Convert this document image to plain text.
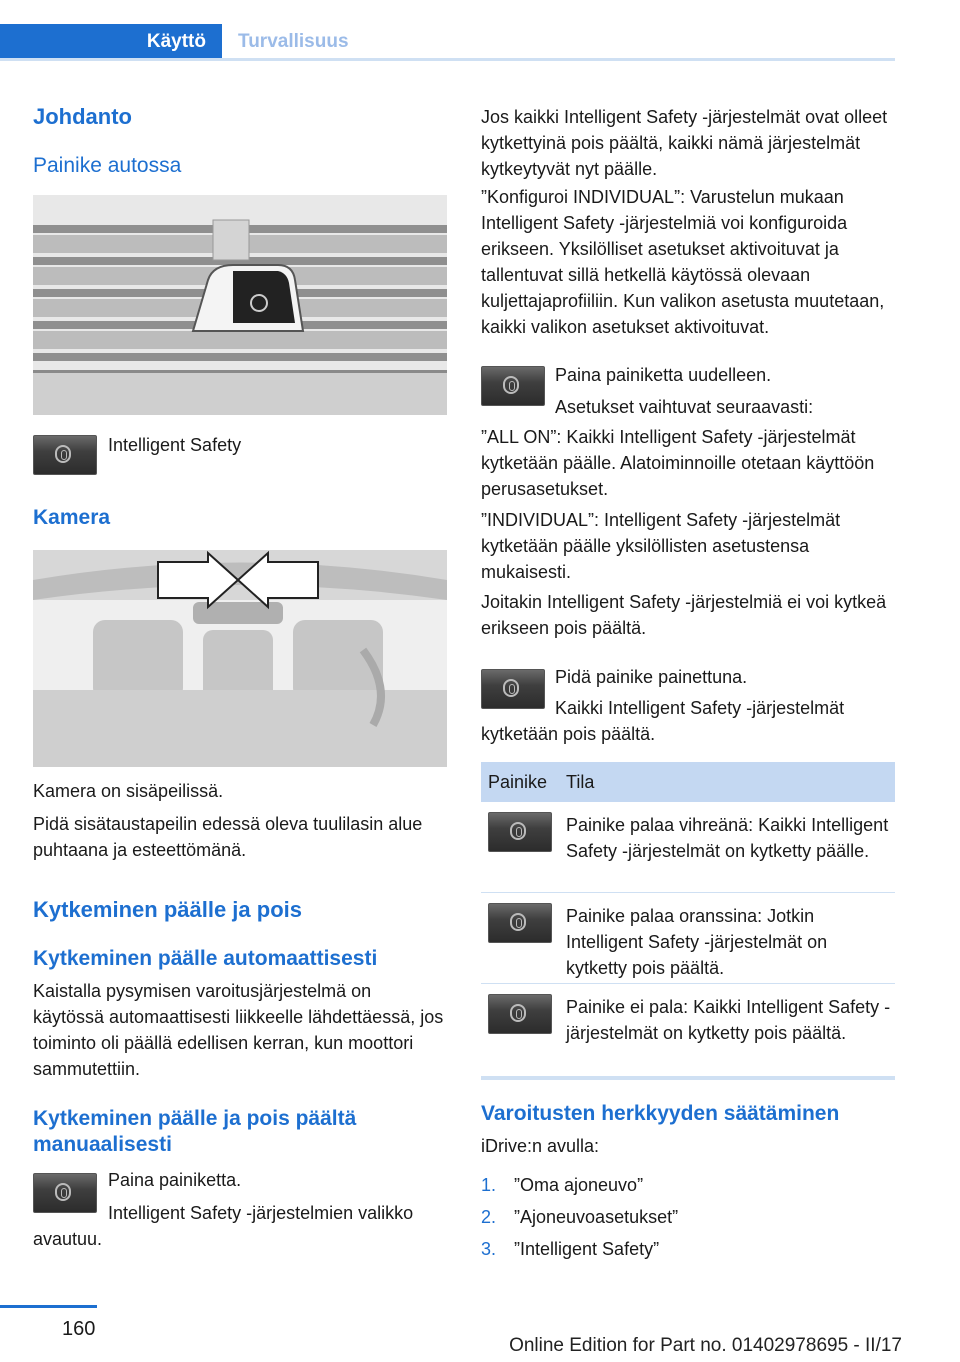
Käyttö Turvallisuus
Johdanto
Painike autossa

Intelligent Safety

Kamera

Kamera on sisäpeilissä.

Pidä sisätaustapeilin edessä oleva tuulilasin alue puhtaana ja esteettömänä.

Kytkeminen päälle ja pois
Kytkeminen päälle automaattisesti

Kaistalla pysymisen varoitusjärjestelmä on käytössä automaattisesti liikkeelle lähdettäessä, jos toiminto oli päällä edellisen kerran, kun moottori sammutettiin.

Kytkeminen päälle ja pois päältä manuaalisesti

Paina painiketta.

Intelligent Safety -järjestelmien valikko avautuu.

Jos kaikki Intelligent Safety -järjestelmät ovat olleet kytkettyinä pois päältä, kaikki nämä järjestelmät kytkeytyvät nyt päälle.

”Konfiguroi INDIVIDUAL”: Varustelun mukaan Intelligent Safety -järjestelmiä voi konfiguroida erikseen. Yksilölliset asetukset aktivoituvat ja tallentuvat sillä hetkellä käytössä olevaan kuljettajaprofiiliin. Kun valikon asetusta muutetaan, kaikki valikon asetukset aktivoituvat.

Paina painiketta uudelleen.

Asetukset vaihtuvat seuraavasti:

”ALL ON”: Kaikki Intelligent Safety -järjestelmät kytketään päälle. Alatoiminnoille otetaan käyttöön perusasetukset.

”INDIVIDUAL”: Intelligent Safety -järjestelmät kytketään päälle yksilöllisten asetustensa mukaisesti.

Joitakin Intelligent Safety -järjestelmiä ei voi kytkeä erikseen pois päältä.

Pidä painike painettuna.

Kaikki Intelligent Safety -järjestelmät kytketään pois päältä.

Painike Tila
Painike palaa vihreänä: Kaikki Intelligent Safety -järjestelmät on kytketty päälle.
Painike palaa oranssina: Jotkin Intelligent Safety -järjestelmät on kytketty pois päältä.
Painike ei pala: Kaikki Intelligent Safety -järjestelmät on kytketty pois päältä.
Varoitusten herkkyyden säätäminen

iDrive:n avulla:

1. ”Oma ajoneuvo”
2. ”Ajoneuvoasetukset”
3. ”Intelligent Safety”
160
Online Edition for Part no. 01402978695 - II/17
